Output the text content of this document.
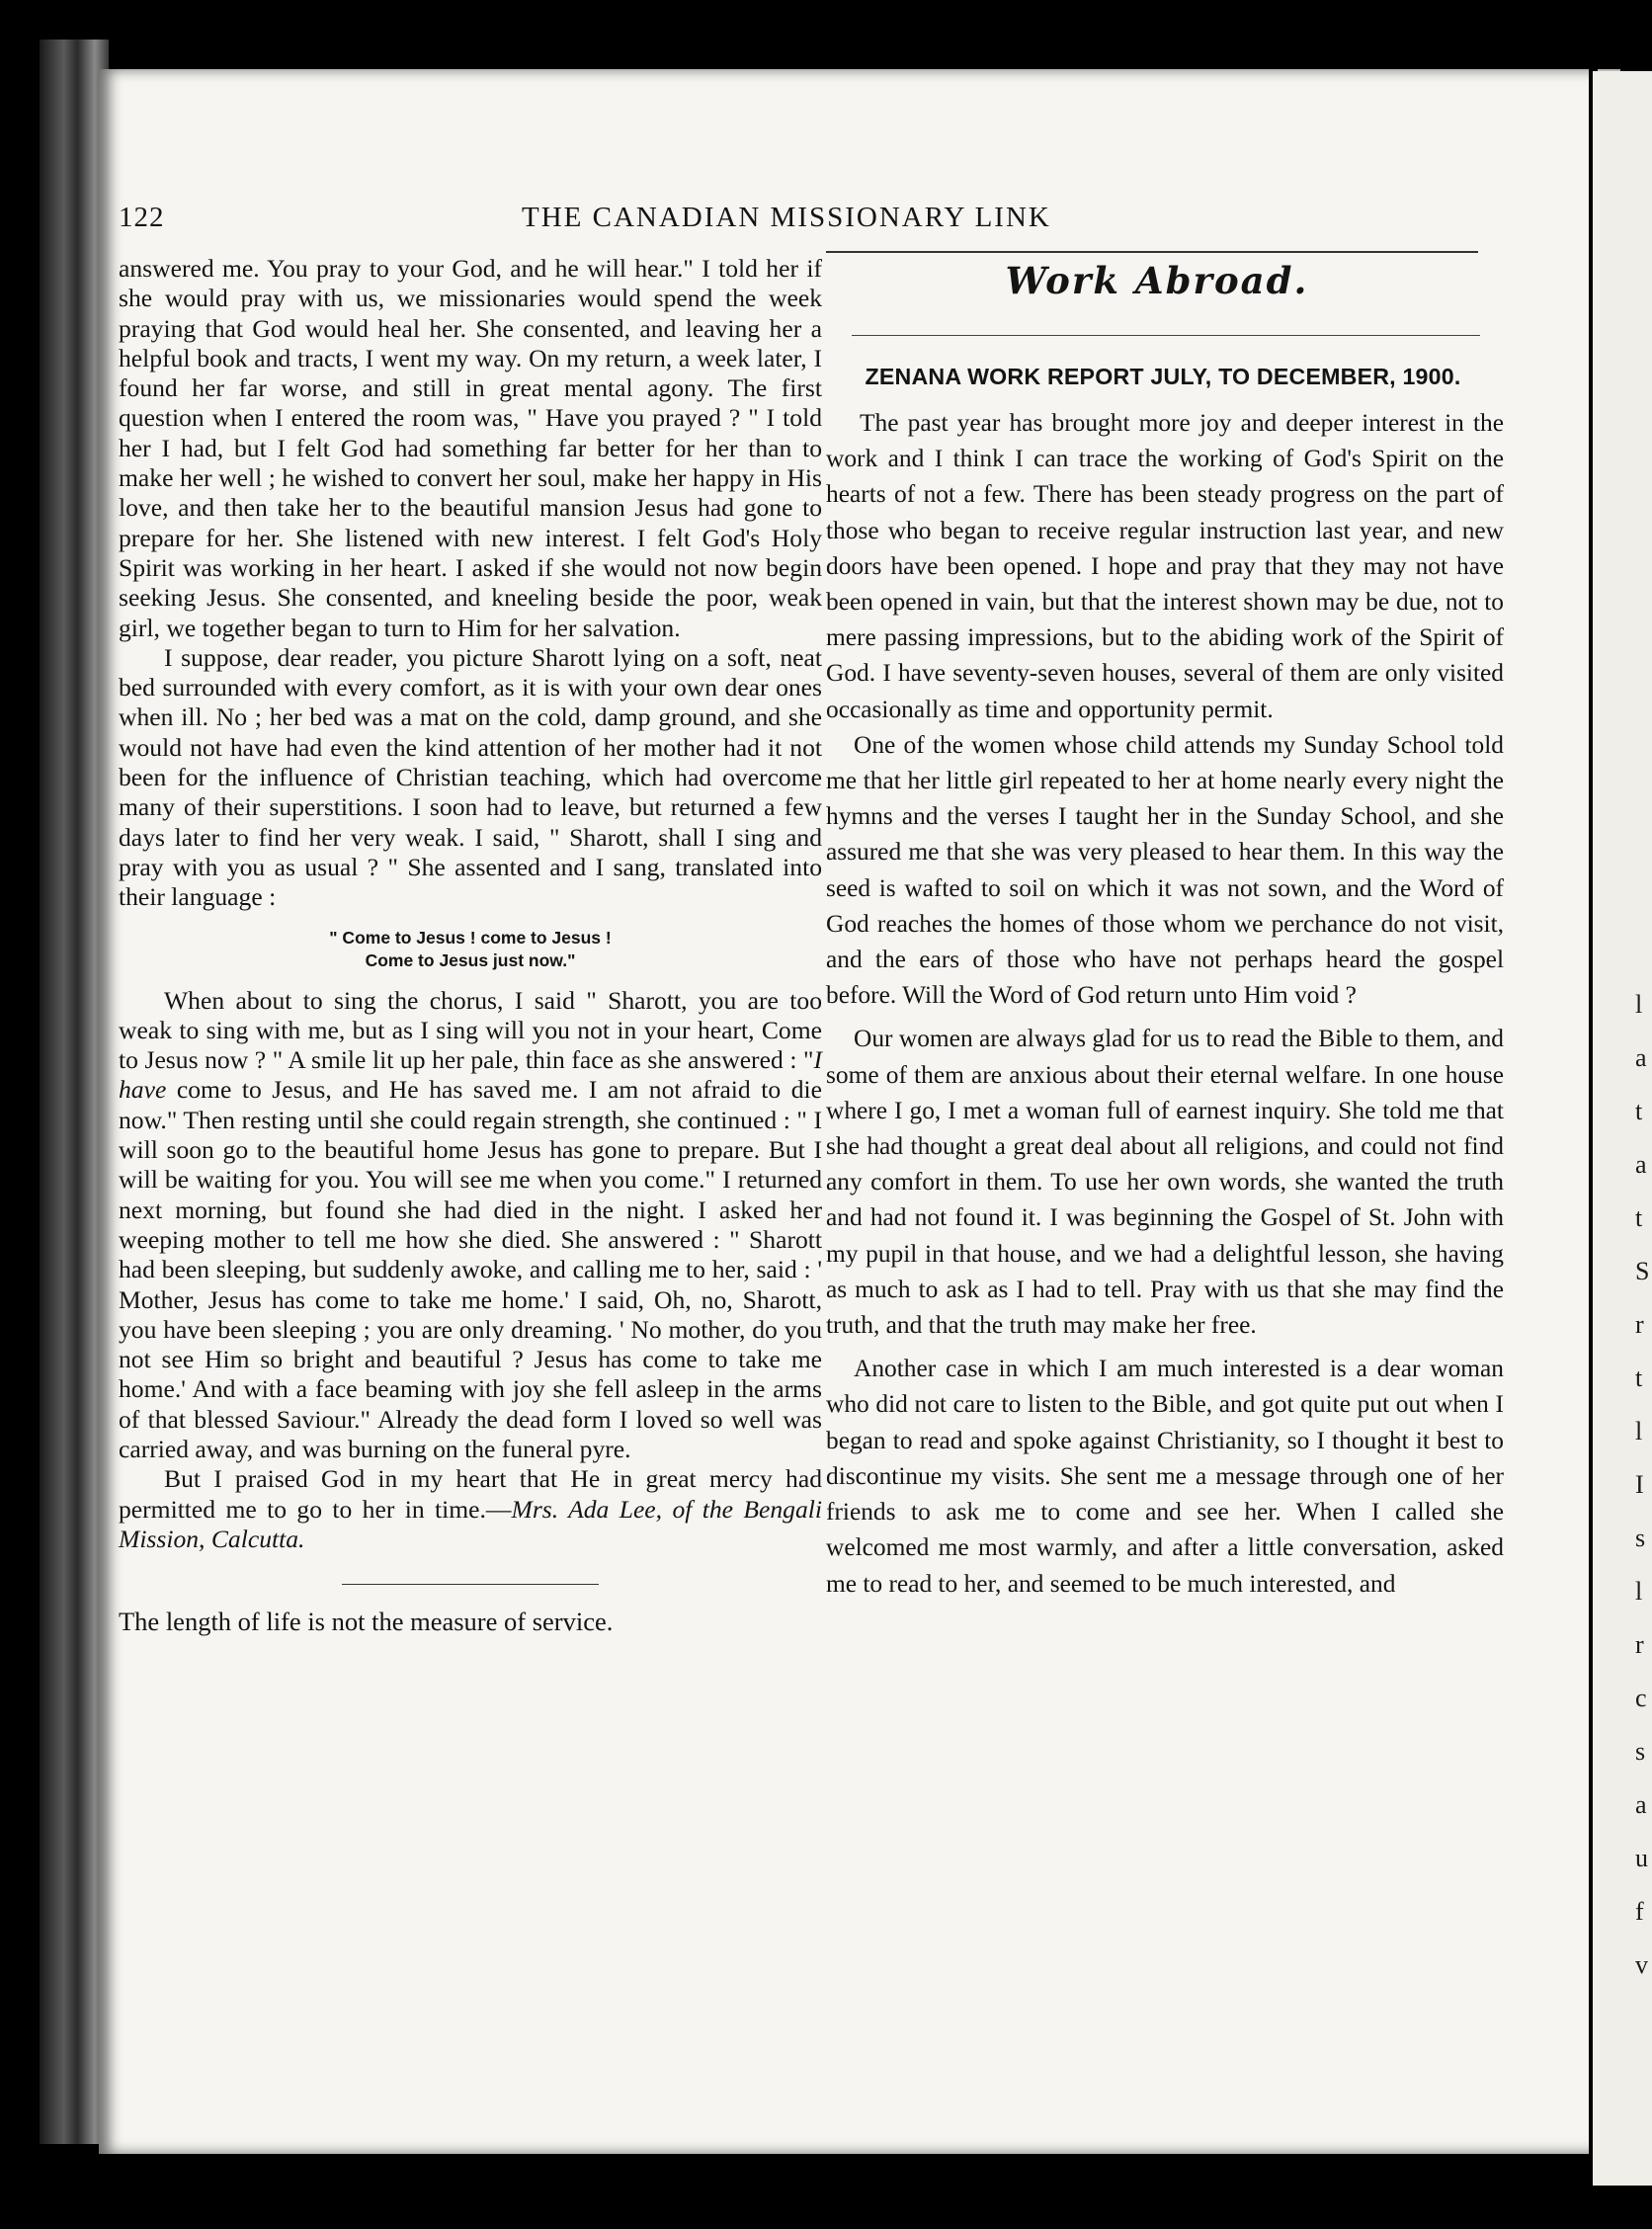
l
a
t
a
t
S
r
t
l
I
s
l
r
c
s
a
u
f
v
122	THE CANADIAN MISSIONARY LINK

answered me. You pray to your God, and he will hear." I told her if she would pray with us, we missionaries would spend the week praying that God would heal her. She consented, and leaving her a helpful book and tracts, I went my way. On my return, a week later, I found her far worse, and still in great mental agony. The first question when I entered the room was, " Have you prayed ? " I told her I had, but I felt God had something far better for her than to make her well ; he wished to convert her soul, make her happy in His love, and then take her to the beautiful mansion Jesus had gone to prepare for her. She listened with new interest. I felt God's Holy Spirit was working in her heart. I asked if she would not now begin seeking Jesus. She consented, and kneeling beside the poor, weak girl, we together began to turn to Him for her salvation.

I suppose, dear reader, you picture Sharott lying on a soft, neat bed surrounded with every comfort, as it is with your own dear ones when ill. No ; her bed was a mat on the cold, damp ground, and she would not have had even the kind attention of her mother had it not been for the influence of Christian teaching, which had overcome many of their superstitions. I soon had to leave, but returned a few days later to find her very weak. I said, " Sharott, shall I sing and pray with you as usual ? " She assented and I sang, translated into their language :

" Come to Jesus ! come to Jesus !
Come to Jesus just now."

When about to sing the chorus, I said " Sharott, you are too weak to sing with me, but as I sing will you not in your heart, Come to Jesus now ? " A smile lit up her pale, thin face as she answered : "I have come to Jesus, and He has saved me. I am not afraid to die now." Then resting until she could regain strength, she continued : " I will soon go to the beautiful home Jesus has gone to prepare. But I will be waiting for you. You will see me when you come." I returned next morning, but found she had died in the night. I asked her weeping mother to tell me how she died. She answered : " Sharott had been sleeping, but suddenly awoke, and calling me to her, said : ' Mother, Jesus has come to take me home.' I said, Oh, no, Sharott, you have been sleeping ; you are only dreaming. ' No mother, do you not see Him so bright and beautiful ? Jesus has come to take me home.' And with a face beaming with joy she fell asleep in the arms of that blessed Saviour." Already the dead form I loved so well was carried away, and was burning on the funeral pyre.

But I praised God in my heart that He in great mercy had permitted me to go to her in time.—Mrs. Ada Lee, of the Bengali Mission, Calcutta.

The length of life is not the measure of service.

Work Abroad.
ZENANA WORK REPORT JULY, TO DECEMBER, 1900.

The past year has brought more joy and deeper interest in the work and I think I can trace the working of God's Spirit on the hearts of not a few. There has been steady progress on the part of those who began to receive regular instruction last year, and new doors have been opened. I hope and pray that they may not have been opened in vain, but that the interest shown may be due, not to mere passing impressions, but to the abiding work of the Spirit of God. I have seventy-seven houses, several of them are only visited occasionally as time and opportunity permit.

One of the women whose child attends my Sunday School told me that her little girl repeated to her at home nearly every night the hymns and the verses I taught her in the Sunday School, and she assured me that she was very pleased to hear them. In this way the seed is wafted to soil on which it was not sown, and the Word of God reaches the homes of those whom we perchance do not visit, and the ears of those who have not perhaps heard the gospel before. Will the Word of God return unto Him void ?

Our women are always glad for us to read the Bible to them, and some of them are anxious about their eternal welfare. In one house where I go, I met a woman full of earnest inquiry. She told me that she had thought a great deal about all religions, and could not find any comfort in them. To use her own words, she wanted the truth and had not found it. I was beginning the Gospel of St. John with my pupil in that house, and we had a delightful lesson, she having as much to ask as I had to tell. Pray with us that she may find the truth, and that the truth may make her free.

Another case in which I am much interested is a dear woman who did not care to listen to the Bible, and got quite put out when I began to read and spoke against Christianity, so I thought it best to discontinue my visits. She sent me a message through one of her friends to ask me to come and see her. When I called she welcomed me most warmly, and after a little conversation, asked me to read to her, and seemed to be much interested, and
